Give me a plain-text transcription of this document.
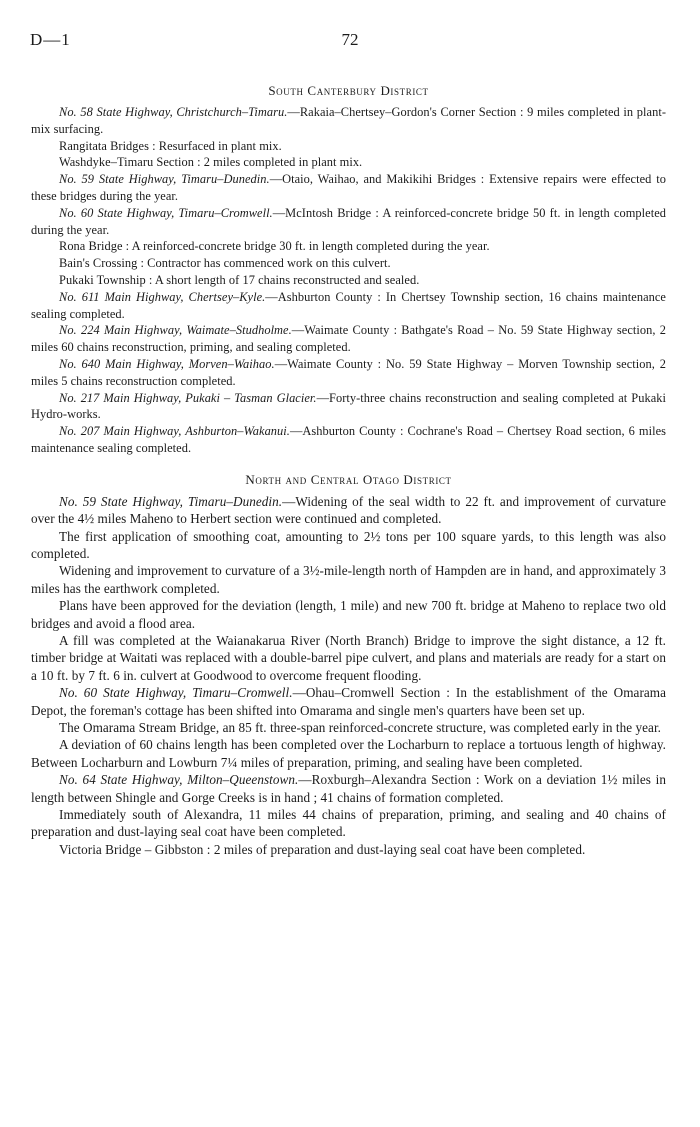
D—1	72
South Canterbury District

No. 58 State Highway, Christchurch–Timaru.—Rakaia–Chertsey–Gordon's Corner Section : 9 miles completed in plant-mix surfacing.

Rangitata Bridges : Resurfaced in plant mix.

Washdyke–Timaru Section : 2 miles completed in plant mix.

No. 59 State Highway, Timaru–Dunedin.—Otaio, Waihao, and Makikihi Bridges : Extensive repairs were effected to these bridges during the year.

No. 60 State Highway, Timaru–Cromwell.—McIntosh Bridge : A reinforced-concrete bridge 50 ft. in length completed during the year.

Rona Bridge : A reinforced-concrete bridge 30 ft. in length completed during the year.

Bain's Crossing : Contractor has commenced work on this culvert.

Pukaki Township : A short length of 17 chains reconstructed and sealed.

No. 611 Main Highway, Chertsey–Kyle.—Ashburton County : In Chertsey Township section, 16 chains maintenance sealing completed.

No. 224 Main Highway, Waimate–Studholme.—Waimate County : Bathgate's Road – No. 59 State Highway section, 2 miles 60 chains reconstruction, priming, and sealing completed.

No. 640 Main Highway, Morven–Waihao.—Waimate County : No. 59 State Highway – Morven Township section, 2 miles 5 chains reconstruction completed.

No. 217 Main Highway, Pukaki – Tasman Glacier.—Forty-three chains reconstruction and sealing completed at Pukaki Hydro-works.

No. 207 Main Highway, Ashburton–Wakanui.—Ashburton County : Cochrane's Road – Chertsey Road section, 6 miles maintenance sealing completed.

North and Central Otago District

No. 59 State Highway, Timaru–Dunedin.—Widening of the seal width to 22 ft. and improvement of curvature over the 4½ miles Maheno to Herbert section were continued and completed.

The first application of smoothing coat, amounting to 2½ tons per 100 square yards, to this length was also completed.

Widening and improvement to curvature of a 3½-mile-length north of Hampden are in hand, and approximately 3 miles has the earthwork completed.

Plans have been approved for the deviation (length, 1 mile) and new 700 ft. bridge at Maheno to replace two old bridges and avoid a flood area.

A fill was completed at the Waianakarua River (North Branch) Bridge to improve the sight distance, a 12 ft. timber bridge at Waitati was replaced with a double-barrel pipe culvert, and plans and materials are ready for a start on a 10 ft. by 7 ft. 6 in. culvert at Goodwood to overcome frequent flooding.

No. 60 State Highway, Timaru–Cromwell.—Ohau–Cromwell Section : In the establishment of the Omarama Depot, the foreman's cottage has been shifted into Omarama and single men's quarters have been set up.

The Omarama Stream Bridge, an 85 ft. three-span reinforced-concrete structure, was completed early in the year.

A deviation of 60 chains length has been completed over the Locharburn to replace a tortuous length of highway. Between Locharburn and Lowburn 7¼ miles of preparation, priming, and sealing have been completed.

No. 64 State Highway, Milton–Queenstown.—Roxburgh–Alexandra Section : Work on a deviation 1½ miles in length between Shingle and Gorge Creeks is in hand ; 41 chains of formation completed.

Immediately south of Alexandra, 11 miles 44 chains of preparation, priming, and sealing and 40 chains of preparation and dust-laying seal coat have been completed.

Victoria Bridge – Gibbston : 2 miles of preparation and dust-laying seal coat have been completed.
